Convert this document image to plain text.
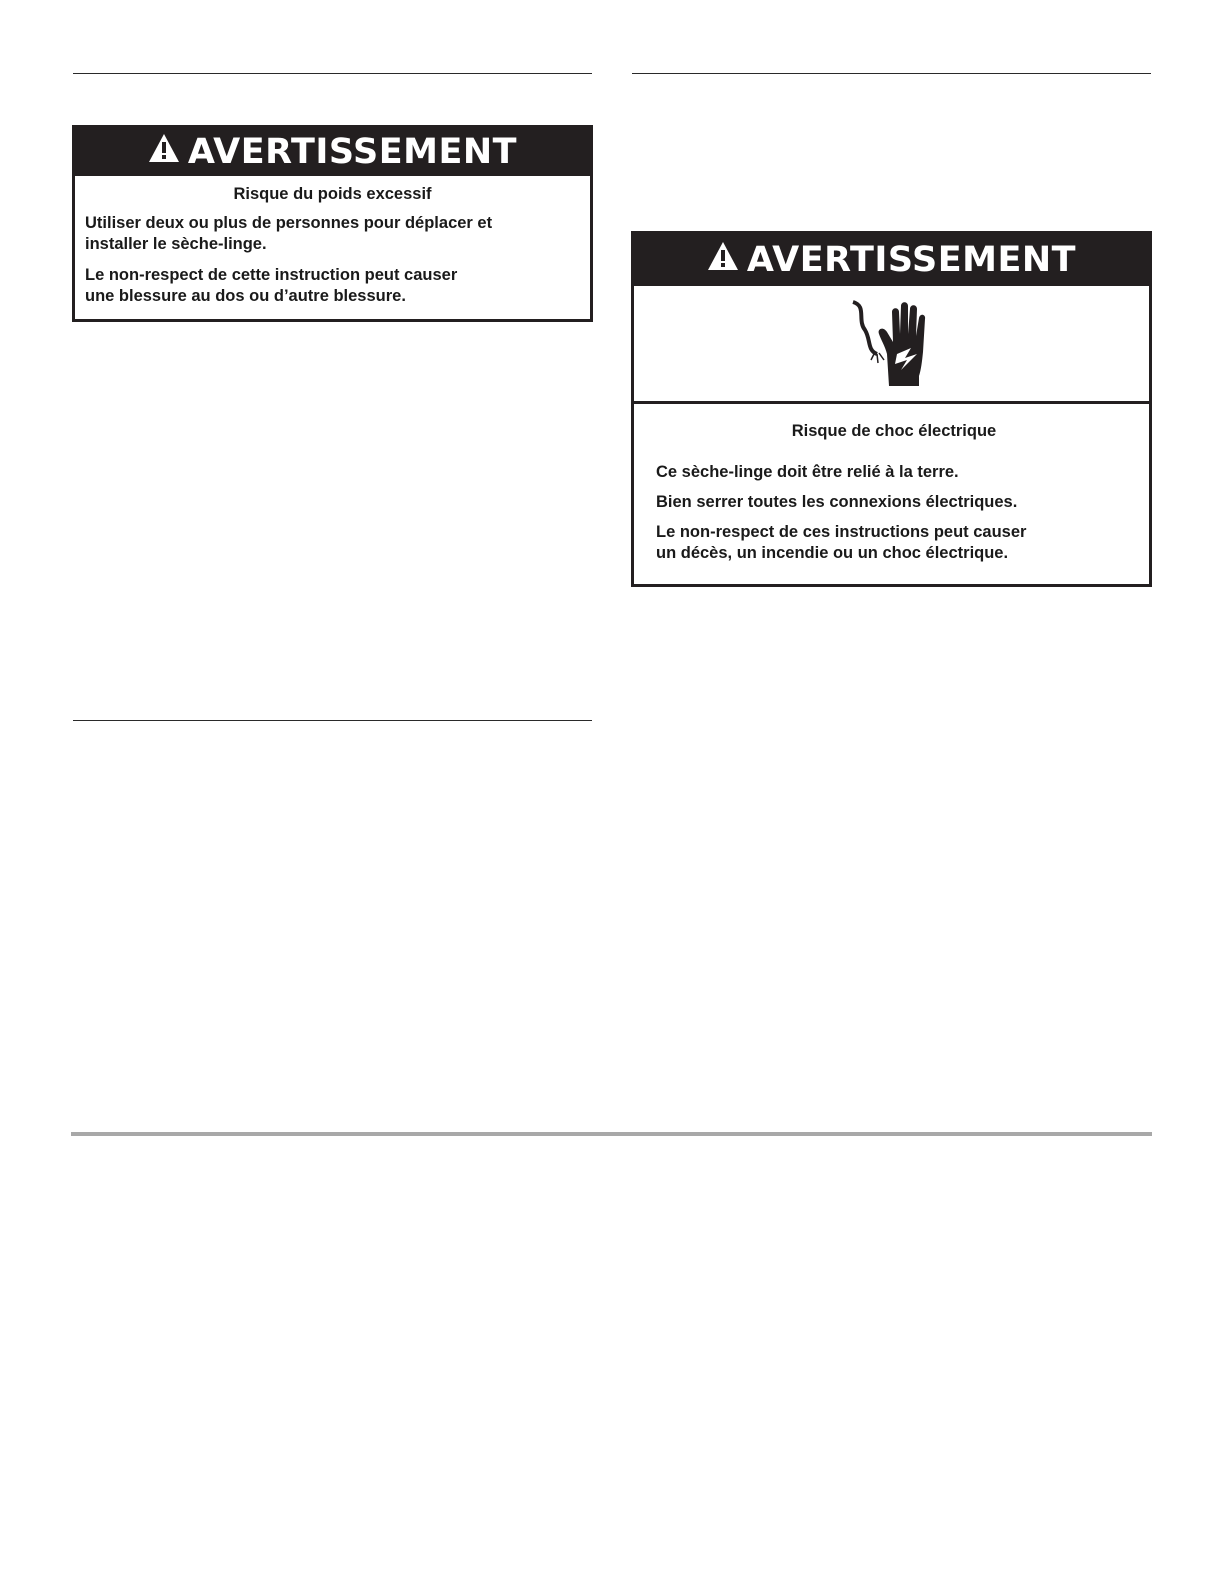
AVERTISSEMENT
Risque du poids excessif

Utiliser deux ou plus de personnes pour déplacer et
installer le sèche-linge.

Le non-respect de cette instruction peut causer
une blessure au dos ou d’autre blessure.

AVERTISSEMENT
Risque de choc électrique

Ce sèche-linge doit être relié à la terre.

Bien serrer toutes les connexions électriques.

Le non-respect de ces instructions peut causer
un décès, un incendie ou un choc électrique.
